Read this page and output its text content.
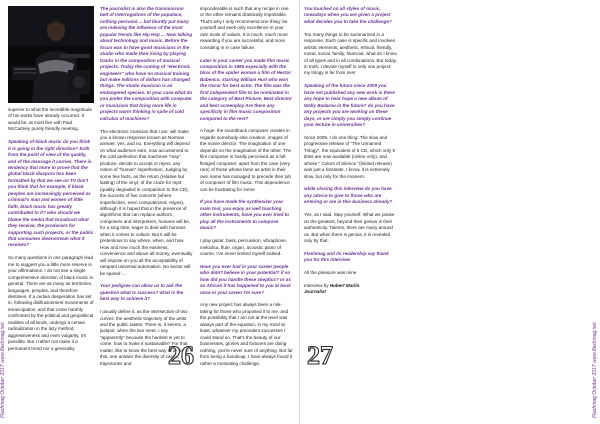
superior to what the incredible magnitude of his works have already occurred. It would be, at most like with Paul McCartney purely friendly meeting.

Speaking of black music do you think it is going in the right direction? both from the point of view of the quality, and of the message it carries. There is tendency that more to prove that the global black diaspora has been formatted by that we see on TV don't you think that for example, if black peoples are increasingly perceived as criminal's man and women of little faith, black music has greatly contributed to it? who should we blame the media that broadcast what they receive, the producers for supporting such projects, or the public that consumes downstream what it receives?

So many questions in one paragraph lead me to suggest you a little more reserve in your affirmations. I do not see a single comprehensive direction of black music in general. There are as many as territories, languages, peoples, and therefore destinies. If a certain desperation has set in, following disillusionment movements of emancipation, and that come harshly confronted by the political and geopolitical realities of all kinds, undergo a certain radicalization in the lazy method, aggressiveness and even vulgarity, it's possible. But I rather not make it a permanent trend nor a generality

The journalist is also the transmission belt of interrogations of the populace, nothing personal ... but bluntly put many are indexing the influence of the most popular trends like Hip Hop ... Now talking about technology and music. Before the focus was to have good musicians in the studio who made their living by playing tracks in the composition of musical projects. Today the coming of "electronic engineers" who have no musical training but make millions of dollars has changed things. The studio musician is an endangered species. In your case what do you prefer the composition with computer or musicians that bring more life in projects warm thinking in spite of cold calculus of machines?

The electronic musician that I am; will make you a known response known as Norman answer: yes, and no. Everything will depend on what audience ears, now accustomed to the cold perfection that machines "may" produce, decide to accept or reject, any notion of "human" imperfection. Judging by some few facts, as the return (relative but lasting) of the vinyl, of the craze for mp3 (quality degraded in comparison to the CD), the success of live concerts (where imperfection, even computerized, reigns), although it is hoped that in the presence of algorithms that can replace authors, composers and interpreters, humans will be, for a long time, eager to deal with humans when it comes to culture. But it will be pretentious to say where, when, and how. How and how much the easiness, convenience and above all money, eventually will impose on you all the acceptability of rampant universal automation. No sector will be spared ...

Your pedigree can allow us to ask the question what is success? what is the best way to achieve it?

I usually define it, as the intersection of two curves: the aesthetic trajectory of the artist and the public tastes. There is, it seems, a jackpot, when the two meet. I say "apparently" because the hardest is yet to come: how to make it sustainable? For that matter, like to know the best way to achieve this, one answer the diversity of cases, trajectories and

imponderable is such that any recipe in one or the other remains drastically impossible. That's why I only recommend one thing: be yourself and seek only excellence in your own scale of values. It is much, much more rewarding if you are successful, and more consoling in in case failure.

Later in your career you made film music composition in 1985 especially with the bliss of the spider woman a film of Hector Babenco, starring William Hurt who won the Oscar for best actor. The film was the first independent film to be nominated in the category of Best Picture, Best director and best screenplay Are there any specificity in film music composition compared to the rest?

A huge: the soundtrack composer creates in regards somebody else creation, images of the movie director. The imagination of one depends on the imagination of the other. The film composer is hardly perceived as a full-fledged composer, apart from the case (very rare) of those whose fame as artist in their own name has managed to precede their job of composer of film music. This dependence can be frustrating for some

If you have made the synthesizer your main tool, you enjoy as well touching other instruments, have you ever tried to play all the instruments to compose music?

I play guitar, bass, percussion, vibraphone, melodica, flute, organ, acoustic piano of course, I've never limited myself indeed.

Have you ever had in your career people who didn't believe in your potential? if so how did you handle these skeptics? or as an African it has happened to you at least once in your career I'm sure?

Any new project has always been a risk-taking for those who proposed it to me, and the possibility that I am not at the level was always part of the equation, in my mind at least, whatever my precedent successes I could stand on. That's the beauty of our businesses, glories and fortunes are doing nothing, you're never sure of anything. But far from being a handicap, I have always found it rather a motivating challenge.

You touched on all styles of music, nowadays when you are given a project what decides you to take the challenge?

Too many things to be summarized in a response. Each case is specific and involves artistic elements, aesthetic, ethical, friendly, moral, social, family, financial, what do I know, of all types and in all combinations. But today, in truth, I devote myself to only one project: my trilogy is far from over

Speaking of the future since 2009 you have not published any new work is there any hope to hear hope a new album of Wally Badarou in the future? do you have any projects you are working on these days, or are simply you simply continue your lecture in universities?

Since 2009, I do one thing: The slow and progressive release of "The Unnamed Trilogy", the equivalent of 5 CD, which only 5 titles are now available (online only), and whose " Colors of Silence "(limited release) was just a foretaste. I know, it is extremely slow, but only for the moment.

while closing this interview do you have any advice to give to those who are entering or are in this business already?

Yes, as I said. Stay yourself. What we praise on the greatest, beyond their genius is their authenticity. Talents, there are many around us. But when there is genius, it is revealed only by that.

Flashmag and its readership say thank you for this interview

All the pleasure was mine

Interview by Hubert Marlin
Journalist

26	27
Flashmag October 2017 www.flashmag.net	Flashmag October 2017 www.flashmag.net
